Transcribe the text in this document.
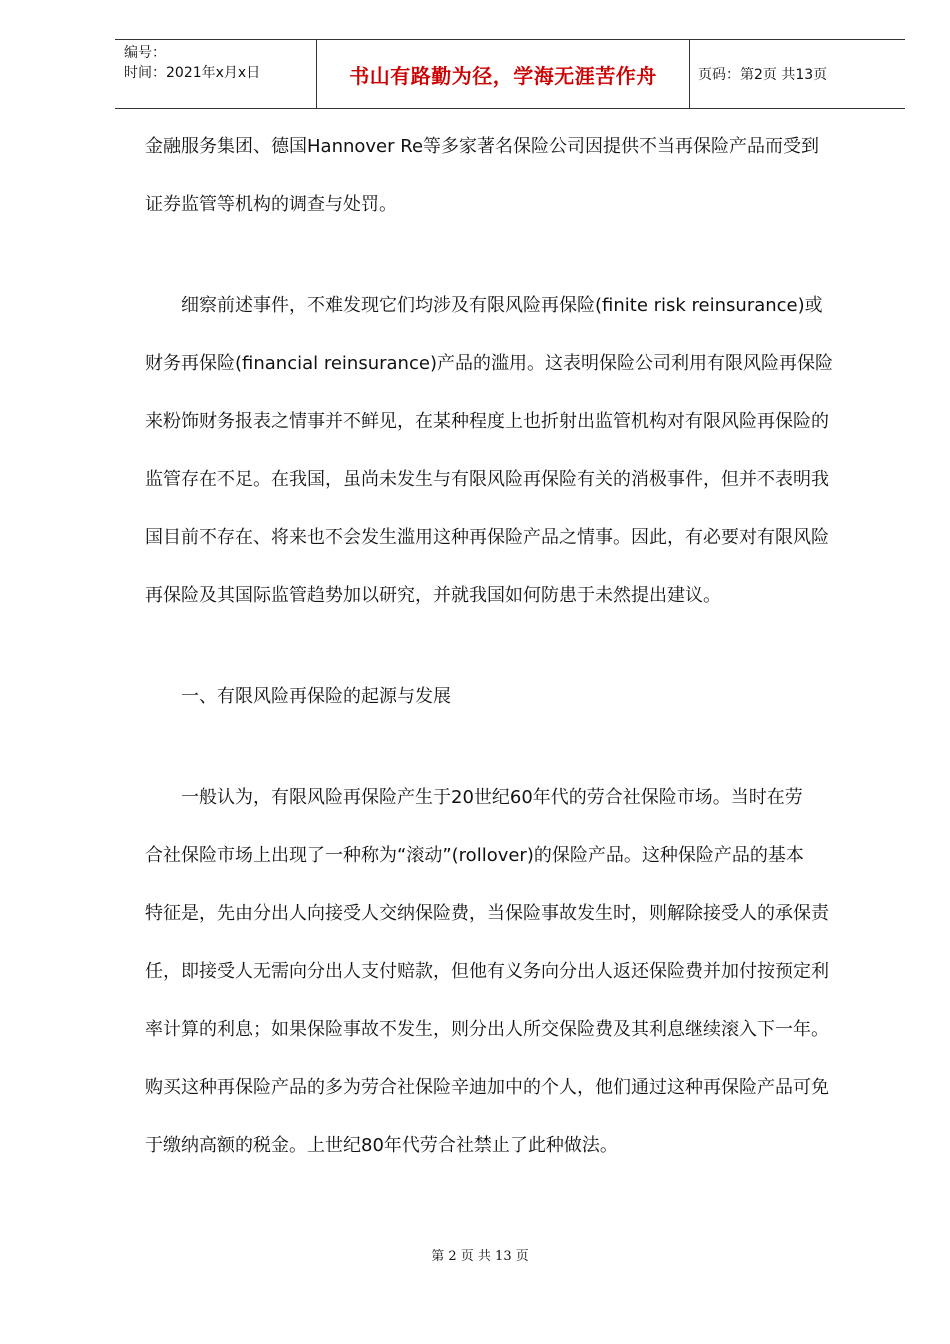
编号：
时间：2021年x月x日	书山有路勤为径，学海无涯苦作舟	页码：第2页 共13页
金融服务集团、德国Hannover Re等多家著名保险公司因提供不当再保险产品而受到
证券监管等机构的调查与处罚。
细察前述事件，不难发现它们均涉及有限风险再保险(finite risk reinsurance)或
财务再保险(financial reinsurance)产品的滥用。这表明保险公司利用有限风险再保险
来粉饰财务报表之情事并不鲜见，在某种程度上也折射出监管机构对有限风险再保险的
监管存在不足。在我国，虽尚未发生与有限风险再保险有关的消极事件，但并不表明我
国目前不存在、将来也不会发生滥用这种再保险产品之情事。因此，有必要对有限风险
再保险及其国际监管趋势加以研究，并就我国如何防患于未然提出建议。
一、有限风险再保险的起源与发展
一般认为，有限风险再保险产生于20世纪60年代的劳合社保险市场。当时在劳
合社保险市场上出现了一种称为“滚动”(rollover)的保险产品。这种保险产品的基本
特征是，先由分出人向接受人交纳保险费，当保险事故发生时，则解除接受人的承保责
任，即接受人无需向分出人支付赔款，但他有义务向分出人返还保险费并加付按预定利
率计算的利息；如果保险事故不发生，则分出人所交保险费及其利息继续滚入下一年。
购买这种再保险产品的多为劳合社保险辛迪加中的个人，他们通过这种再保险产品可免
于缴纳高额的税金。上世纪80年代劳合社禁止了此种做法。
第 2 页 共 13 页
